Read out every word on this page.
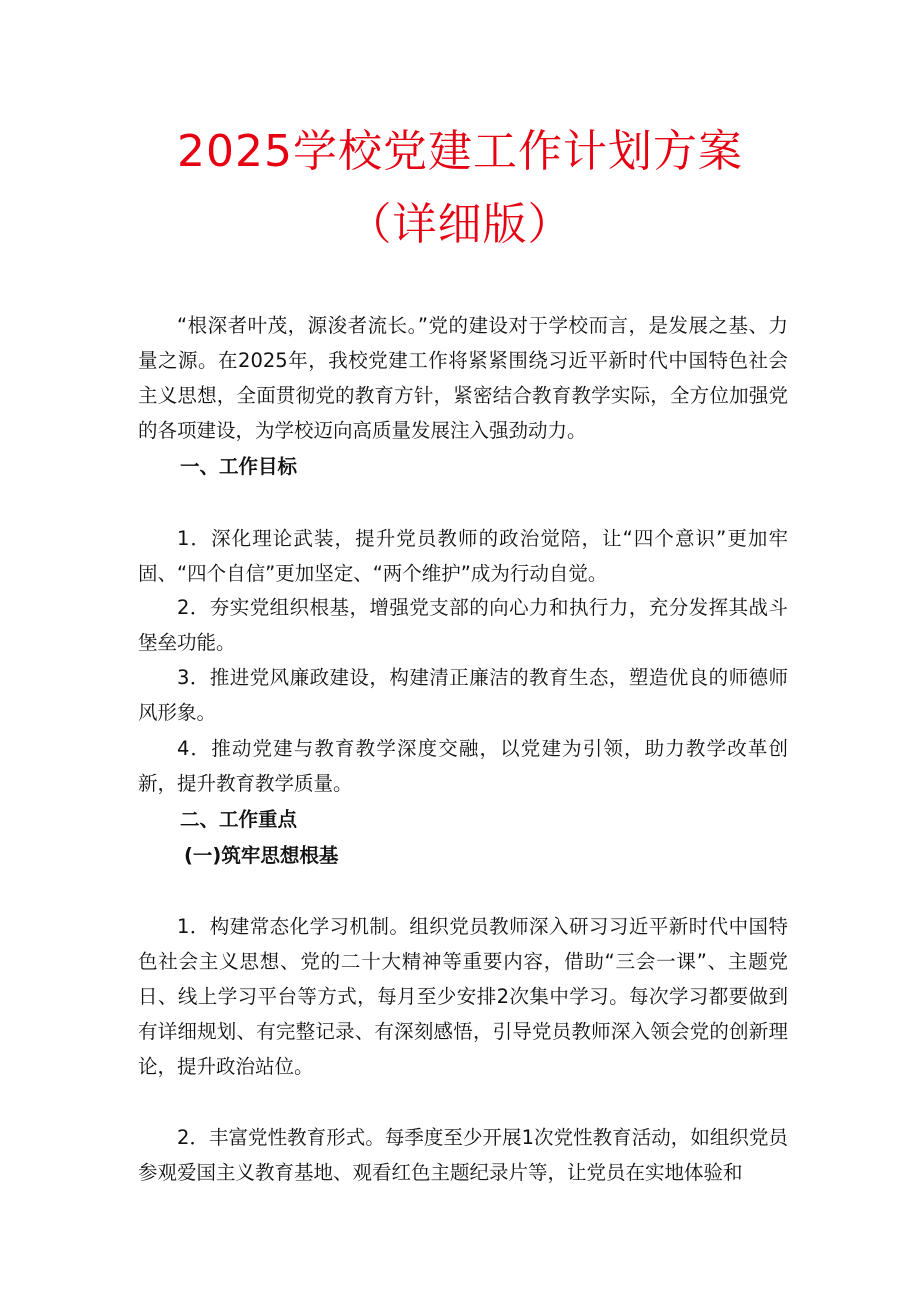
2025学校党建工作计划方案
（详细版）

“根深者叶茂，源浚者流长。”党的建设对于学校而言，是发展之基、力量之源。在2025年，我校党建工作将紧紧围绕习近平新时代中国特色社会主义思想，全面贯彻党的教育方针，紧密结合教育教学实际，全方位加强党的各项建设，为学校迈向高质量发展注入强劲动力。

一、工作目标

1．深化理论武装，提升党员教师的政治觉陪，让“四个意识”更加牢固、“四个自信”更加坚定、“两个维护”成为行动自觉。

2．夯实党组织根基，增强党支部的向心力和执行力，充分发挥其战斗堡垒功能。

3．推进党风廉政建设，构建清正廉洁的教育生态，塑造优良的师德师风形象。

4．推动党建与教育教学深度交融，以党建为引领，助力教学改革创新，提升教育教学质量。

二、工作重点
(一)筑牢思想根基

1．构建常态化学习机制。组织党员教师深入研习习近平新时代中国特色社会主义思想、党的二十大精神等重要内容，借助“三会一课”、主题党日、线上学习平台等方式，每月至少安排2次集中学习。每次学习都要做到有详细规划、有完整记录、有深刻感悟，引导党员教师深入领会党的创新理论，提升政治站位。

2．丰富党性教育形式。每季度至少开展1次党性教育活动，如组织党员参观爱国主义教育基地、观看红色主题纪录片等，让党员在实地体验和
